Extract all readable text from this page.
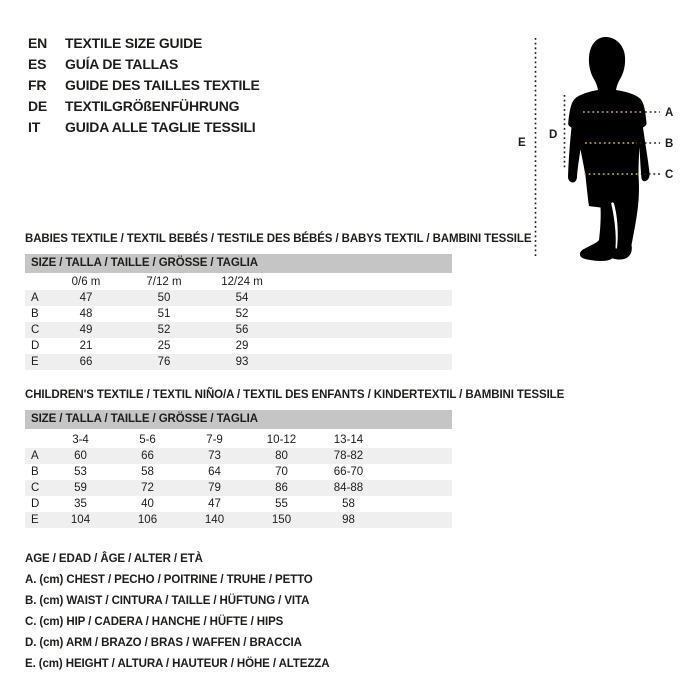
EN	TEXTILE SIZE GUIDE
ES	GUÍA DE TALLAS
FR	GUIDE DES TAILLES TEXTILE
DE	TEXTILGRÖßENFÜHRUNG
IT	GUIDA ALLE TAGLIE TESSILI
A
B
C
D
E
BABIES TEXTILE / TEXTIL BEBÉS / TESTILE DES BÉBÉS / BABYS TEXTIL / BAMBINI TESSILE
SIZE / TALLA / TAILLE / GRÖSSE / TAGLIA
	0/6 m	7/12 m	12/24 m	
A	47	50	54	
B	48	51	52	
C	49	52	56	
D	21	25	29	
E	66	76	93	
CHILDREN'S TEXTILE / TEXTIL NIÑO/A / TEXTIL DES ENFANTS / KINDERTEXTIL / BAMBINI TESSILE
SIZE / TALLA / TAILLE / GRÖSSE / TAGLIA
	3-4	5-6	7-9	10-12	13-14	
A	60	66	73	80	78-82	
B	53	58	64	70	66-70	
C	59	72	79	86	84-88	
D	35	40	47	55	58	
E	104	106	140	150	98	
AGE / EDAD / ÂGE / ALTER / ETÀ
A. (cm) CHEST / PECHO / POITRINE / TRUHE / PETTO
B. (cm) WAIST / CINTURA / TAILLE / HÜFTUNG / VITA
C. (cm) HIP / CADERA / HANCHE / HÜFTE / HIPS
D. (cm) ARM / BRAZO / BRAS / WAFFEN / BRACCIA
E. (cm) HEIGHT / ALTURA / HAUTEUR / HÖHE / ALTEZZA
